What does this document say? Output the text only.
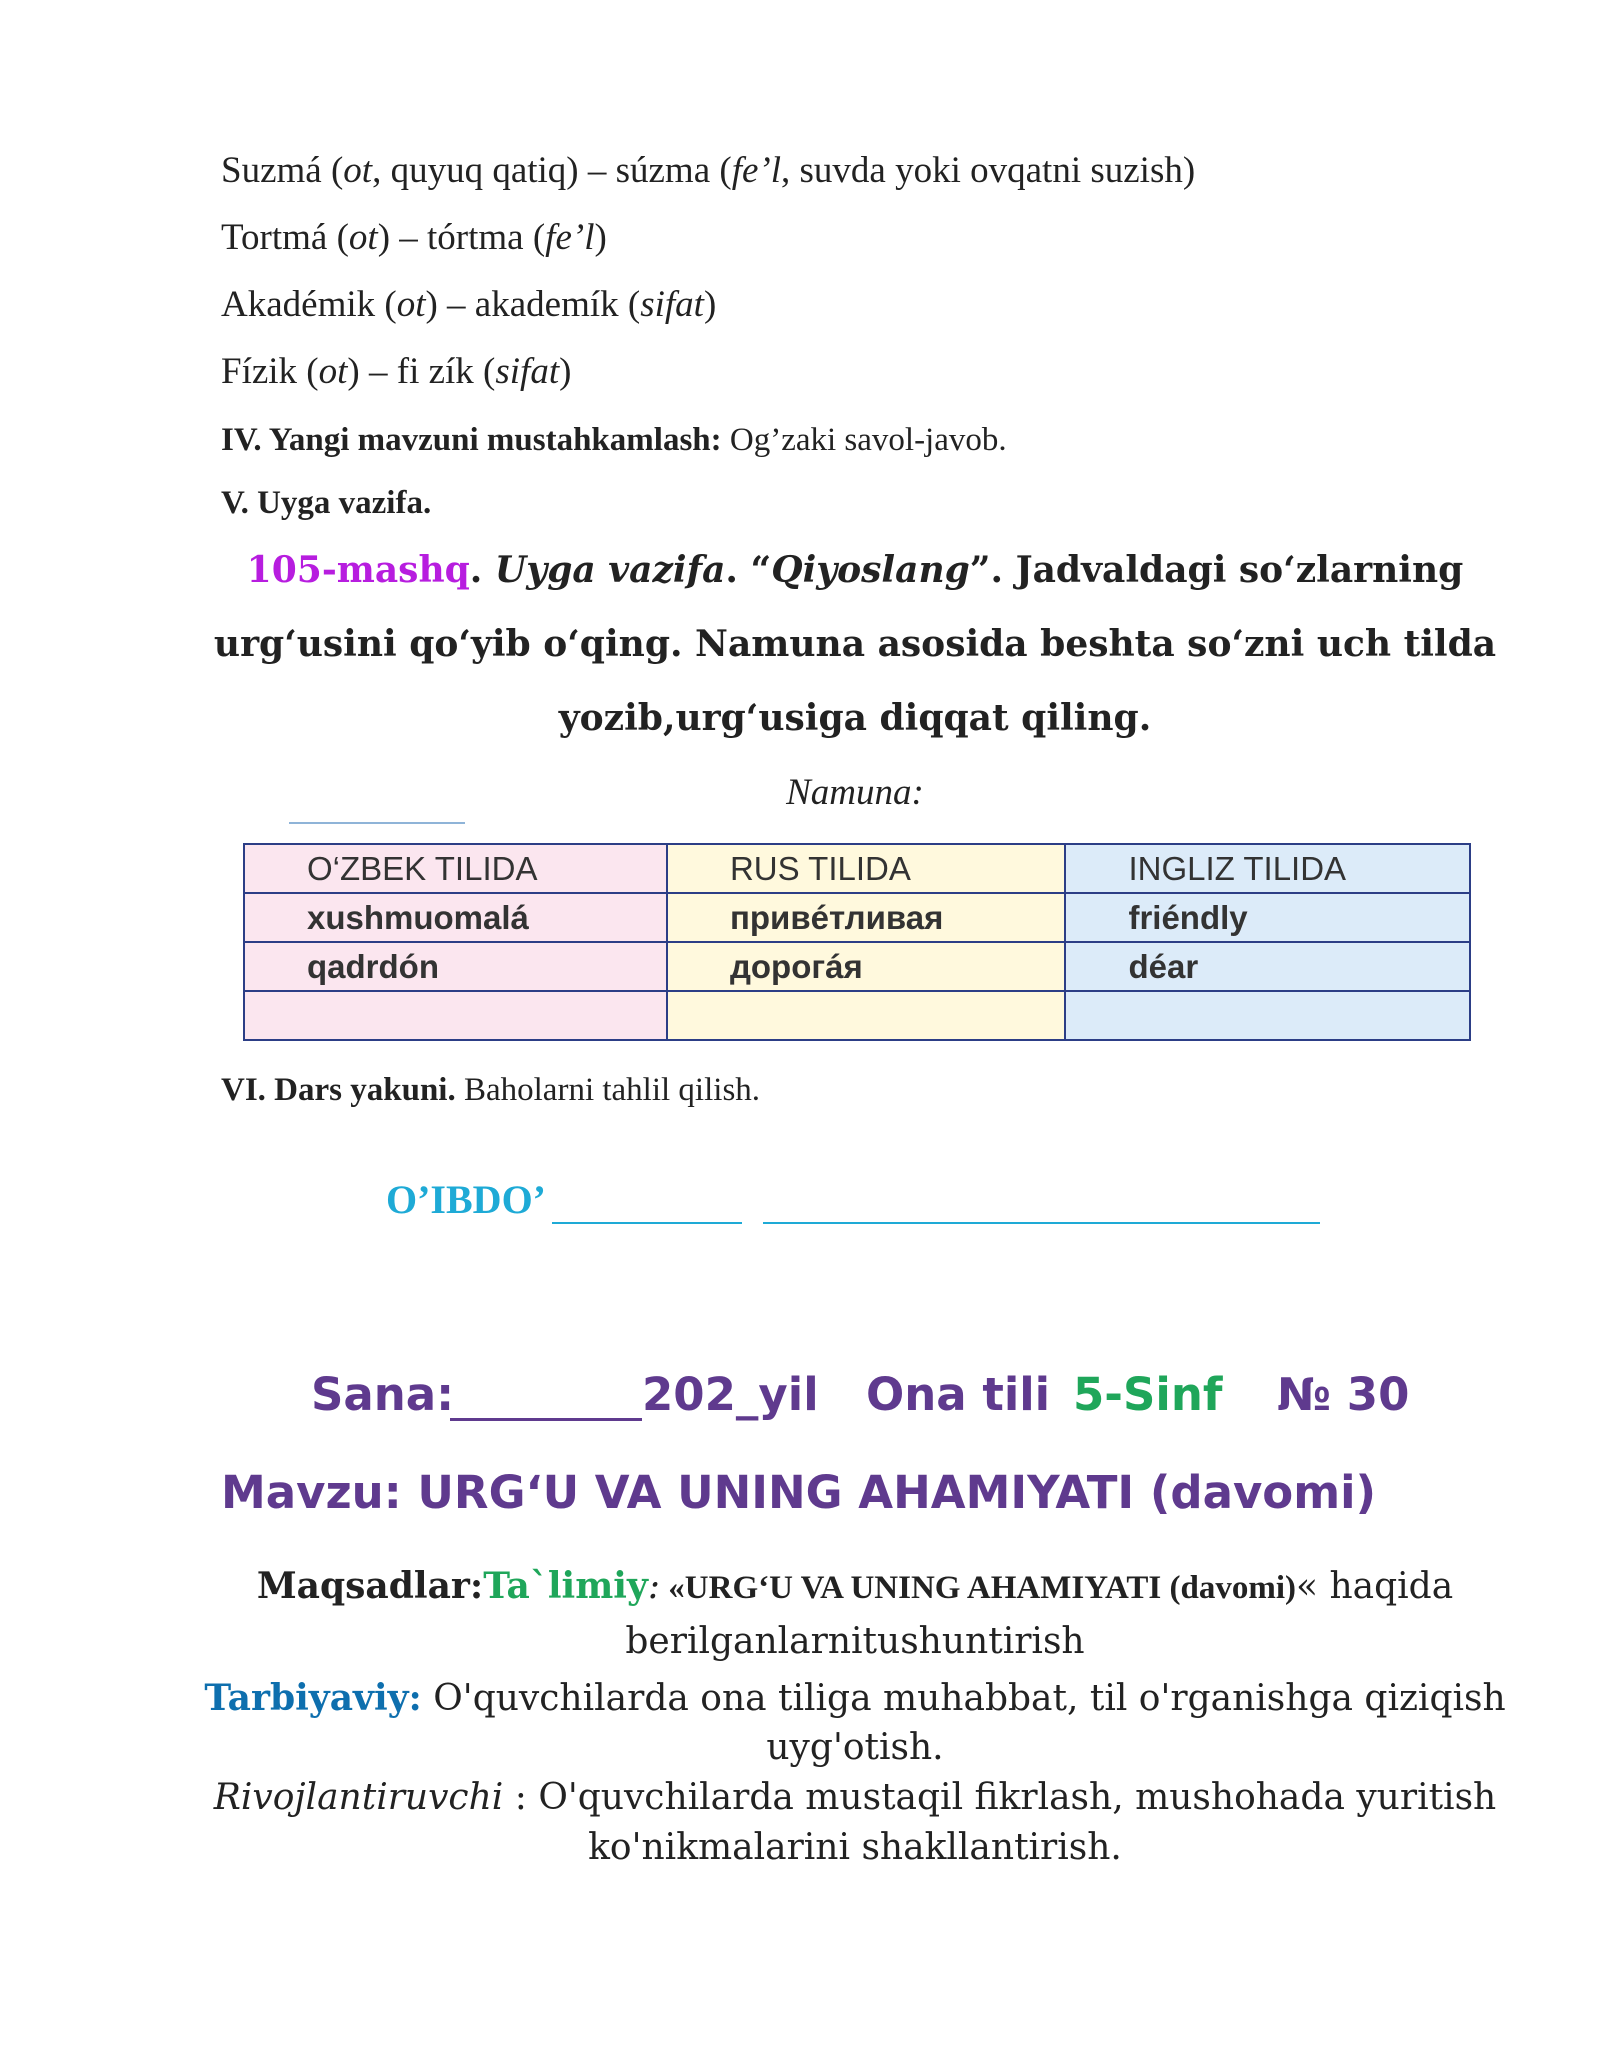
Suzmá (ot, quyuq qatiq) – súzma (fe’l, suvda yoki ovqatni suzish)
Tortmá (ot) – tórtma (fe’l)
Akadémik (ot) – akademík (sifat)
Fízik (ot) – fi zík (sifat)
IV. Yangi mavzuni mustahkamlash: Og’zaki savol-javob.
V. Uyga vazifa.
105-mashq. Uyga vazifa. “Qiyoslang”. Jadvaldagi so‘zlarning
urg‘usini qo‘yib o‘qing. Namuna asosida beshta so‘zni uch tilda
yozib,urg‘usiga diqqat qiling.
Namuna:
O‘ZBEK TILIDA	RUS TILIDA	INGLIZ TILIDA
xushmuomalá	привéтливая	friéndly
qadrdón	дорогáя	déar

VI. Dars yakuni. Baholarni tahlil qilish.
O’IBDO’
Sana:	202_yil Ona tili 5-Sinf № 30
Mavzu: URG‘U VA UNING AHAMIYATI (davomi)
Maqsadlar:Ta`limiy: «URG‘U VA UNING AHAMIYATI (davomi)« haqida
berilganlarnitushuntirish
Tarbiyaviy: O'quvchilarda ona tiliga muhabbat, til o'rganishga qiziqish
uyg'otish.
Rivojlantiruvchi : O'quvchilarda mustaqil fikrlash, mushohada yuritish
ko'nikmalarini shakllantirish.
